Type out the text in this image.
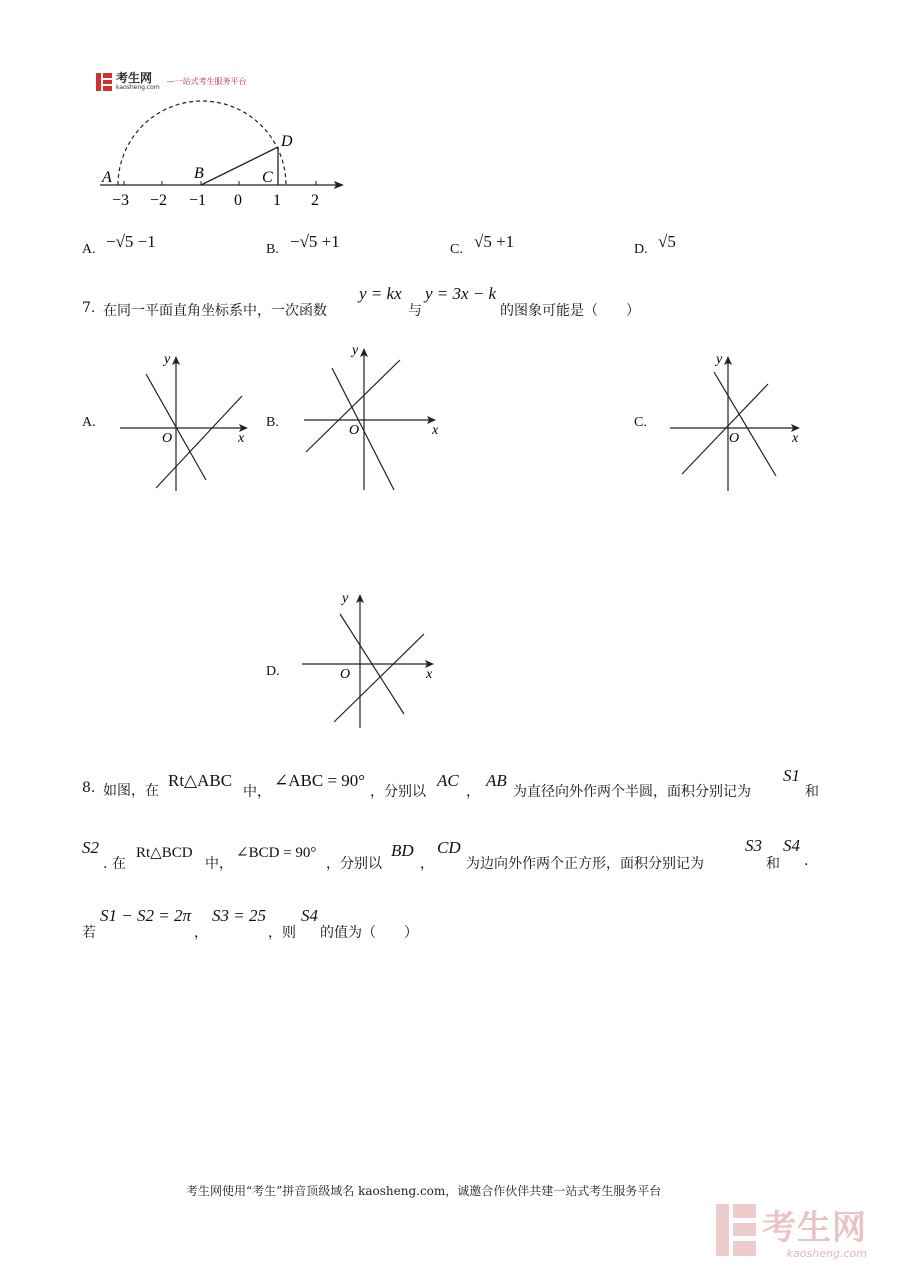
考生网
kaosheng.com
—一站式考生服务平台
A	B	C
D
−3 −2 −1 0 1 2
A. −√5 −1	B. −√5 +1	C. √5 +1	D. √5
7. 在同一平面直角坐标系中，一次函数
y = kx
与
y = 3x − k
的图象可能是（　　）
A.
y
x
O
B.
y
x
O
C.
y
x
O
D.
y
x
O
8. 如图，在
Rt△ABC
中，
∠ABC = 90°
，分别以
AC
，
AB
为直径向外作两个半圆，面积分别记为
S1
和
S2
. 在
Rt△BCD
中，
∠BCD = 90°
，分别以
BD
，
CD
为边向外作两个正方形，面积分别记为
S3
和
S4
.
若
S1 − S2 = 2π
，
S3 = 25
，则
S4
的值为（　　）
考生网使用“考生”拼音顶级域名 kaosheng.com，诚邀合作伙伴共建一站式考生服务平台
考生网
kaosheng.com
